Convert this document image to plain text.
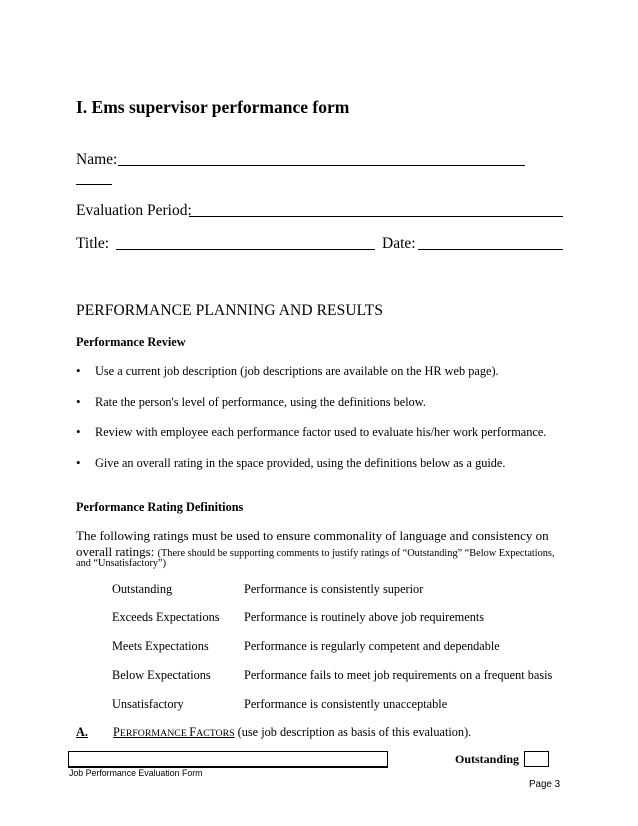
I. Ems supervisor performance form
Name:
Evaluation Period:
Title:	Date:
PERFORMANCE PLANNING AND RESULTS
Performance Review
• Use a current job description (job descriptions are available on the HR web page).
• Rate the person's level of performance, using the definitions below.
• Review with employee each performance factor used to evaluate his/her work performance.
• Give an overall rating in the space provided, using the definitions below as a guide.
Performance Rating Definitions
The following ratings must be used to ensure commonality of language and consistency on
overall ratings: (There should be supporting comments to justify ratings of “Outstanding” “Below Expectations,
and “Unsatisfactory”)
Outstanding	Performance is consistently superior
Exceeds Expectations Performance is routinely above job requirements
Meets Expectations	Performance is regularly competent and dependable
Below Expectations	Performance fails to meet job requirements on a frequent basis
Unsatisfactory	Performance is consistently unacceptable
A. PERFORMANCE FACTORS (use job description as basis of this evaluation).
Outstanding
Job Performance Evaluation Form
Page 3
